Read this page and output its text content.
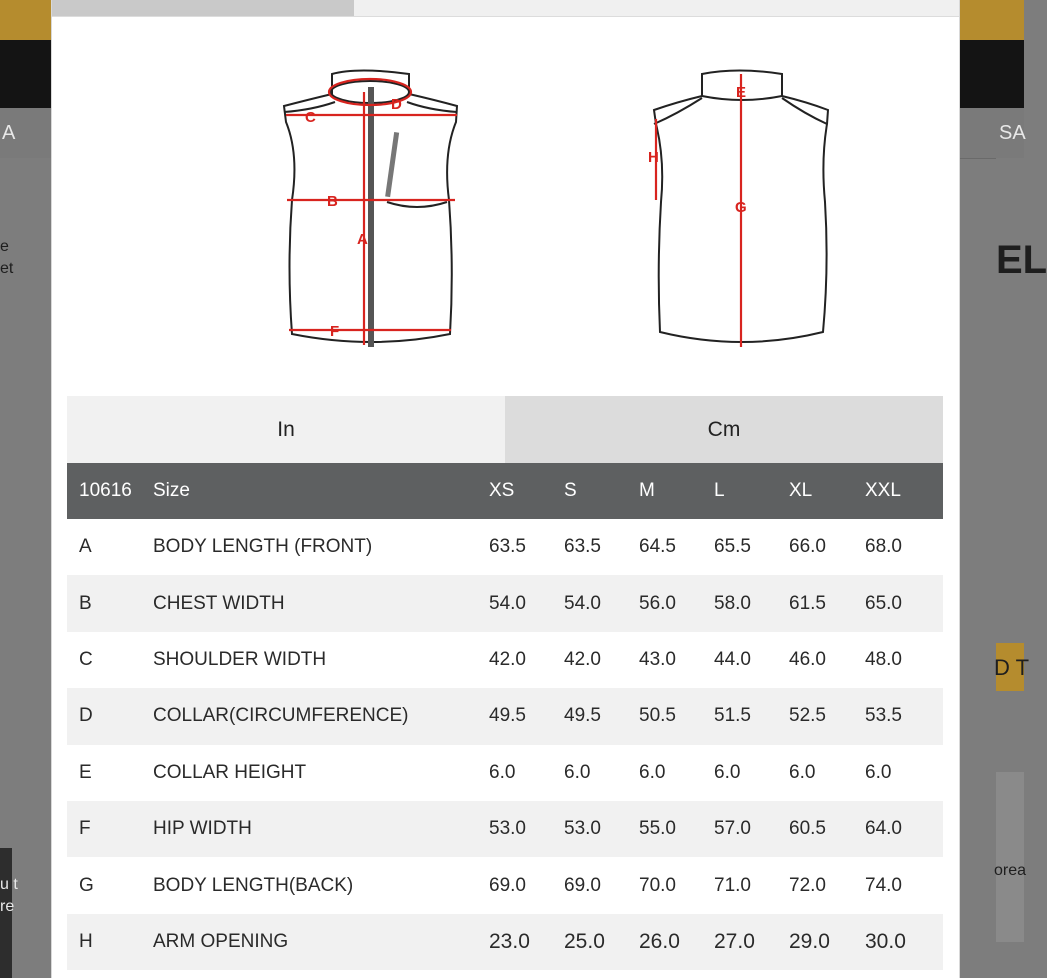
A
e
et
u t
re
SA
EL
D T
orea
A
B
C
D
F
E
G
H
In	Cm
10616	Size	XS	S	M	L	XL	XXL
A	BODY LENGTH (FRONT)	63.5	63.5	64.5	65.5	66.0	68.0
B	CHEST WIDTH	54.0	54.0	56.0	58.0	61.5	65.0
C	SHOULDER WIDTH	42.0	42.0	43.0	44.0	46.0	48.0
D	COLLAR(CIRCUMFERENCE)	49.5	49.5	50.5	51.5	52.5	53.5
E	COLLAR HEIGHT	6.0	6.0	6.0	6.0	6.0	6.0
F	HIP WIDTH	53.0	53.0	55.0	57.0	60.5	64.0
G	BODY LENGTH(BACK)	69.0	69.0	70.0	71.0	72.0	74.0
H	ARM OPENING	23.0	25.0	26.0	27.0	29.0	30.0
